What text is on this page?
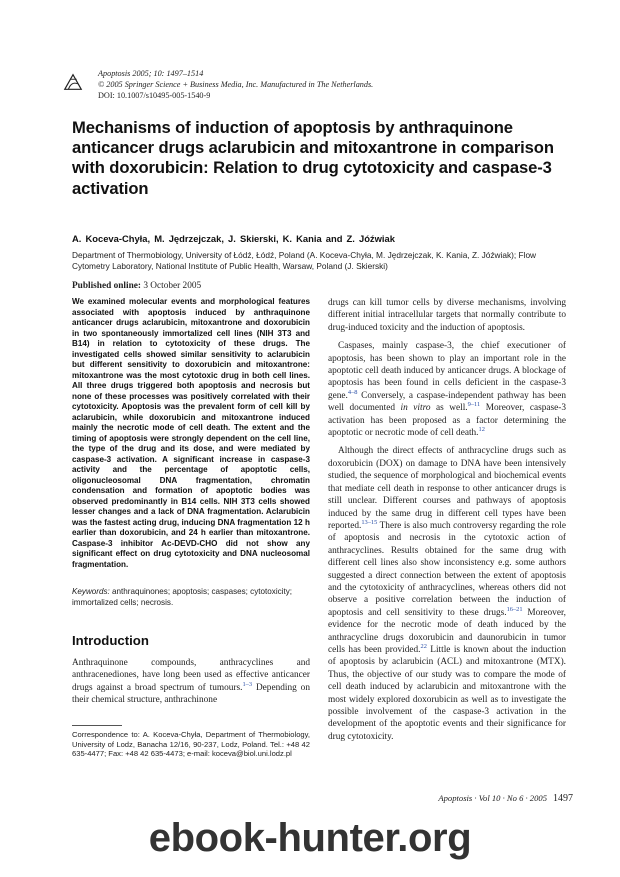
Apoptosis 2005; 10: 1497–1514
© 2005 Springer Science + Business Media, Inc. Manufactured in The Netherlands.
DOI: 10.1007/s10495-005-1540-9
Mechanisms of induction of apoptosis by anthraquinone anticancer drugs aclarubicin and mitoxantrone in comparison with doxorubicin: Relation to drug cytotoxicity and caspase-3 activation
A. Koceva-Chyła, M. Jędrzejczak, J. Skierski, K. Kania and Z. Jóźwiak
Department of Thermobiology, University of Łódź, Łódź, Poland (A. Koceva-Chyła, M. Jędrzejczak, K. Kania, Z. Jóźwiak); Flow Cytometry Laboratory, National Institute of Public Health, Warsaw, Poland (J. Skierski)
Published online: 3 October 2005
We examined molecular events and morphological features associated with apoptosis induced by anthraquinone anticancer drugs aclarubicin, mitoxantrone and doxorubicin in two spontaneously immortalized cell lines (NIH 3T3 and B14) in relation to cytotoxicity of these drugs. The investigated cells showed similar sensitivity to aclarubicin but different sensitivity to doxorubicin and mitoxantrone: mitoxantrone was the most cytotoxic drug in both cell lines. All three drugs triggered both apoptosis and necrosis but none of these processes was positively correlated with their cytotoxicity. Apoptosis was the prevalent form of cell kill by aclarubicin, while doxorubicin and mitoxantrone induced mainly the necrotic mode of cell death. The extent and the timing of apoptosis were strongly dependent on the cell line, the type of the drug and its dose, and were mediated by caspase-3 activation. A significant increase in caspase-3 activity and the percentage of apoptotic cells, oligonucleosomal DNA fragmentation, chromatin condensation and formation of apoptotic bodies was observed predominantly in B14 cells. NIH 3T3 cells showed lesser changes and a lack of DNA fragmentation. Aclarubicin was the fastest acting drug, inducing DNA fragmentation 12 h earlier than doxorubicin, and 24 h earlier than mitoxantrone. Caspase-3 inhibitor Ac-DEVD-CHO did not show any significant effect on drug cytotoxicity and DNA nucleosomal fragmentation.
Keywords: anthraquinones; apoptosis; caspases; cytotoxicity; immortalized cells; necrosis.
Introduction
Anthraquinone compounds, anthracyclines and anthracenediones, have long been used as effective anticancer drugs against a broad spectrum of tumours.$^{1-3}$ Depending on their chemical structure, anthrachinone
Correspondence to: A. Koceva-Chyła, Department of Thermobiology, University of Lodz, Banacha 12/16, 90-237, Lodz, Poland. Tel.: +48 42 635-4477; Fax: +48 42 635-4473; e-mail: koceva@biol.uni.lodz.pl

drugs can kill tumor cells by diverse mechanisms, involving different initial intracellular targets that normally contribute to drug-induced toxicity and the induction of apoptosis.

Caspases, mainly caspase-3, the chief executioner of apoptosis, has been shown to play an important role in the apoptotic cell death induced by anticancer drugs. A blockage of apoptosis has been found in cells deficient in the caspase-3 gene.$^{4-8}$ Conversely, a caspase-independent pathway has been well documented in vitro as well.$^{9-11}$ Moreover, caspase-3 activation has been proposed as a factor determining the apoptotic or necrotic mode of cell death.$^{12}$

Although the direct effects of anthracycline drugs such as doxorubicin (DOX) on damage to DNA have been intensively studied, the sequence of morphological and biochemical events that mediate cell death in response to other anticancer drugs is still unclear. Different courses and pathways of apoptosis induced by the same drug in different cell types have been reported.$^{13-15}$ There is also much controversy regarding the role of apoptosis and necrosis in the cytotoxic action of anthracyclines. Results obtained for the same drug with different cell lines also show inconsistency e.g. some authors suggested a direct connection between the extent of apoptosis and the cytotoxicity of anthracyclines, whereas others did not observe a positive correlation between the induction of apoptosis and cell sensitivity to these drugs.$^{16-21}$ Moreover, evidence for the necrotic mode of death induced by the anthracycline drugs doxorubicin and daunorubicin in tumor cells has been provided.$^{22}$ Little is known about the induction of apoptosis by aclarubicin (ACL) and mitoxantrone (MTX). Thus, the objective of our study was to compare the mode of cell death induced by aclarubicin and mitoxantrone with the most widely explored doxorubicin as well as to investigate the possible involvement of the caspase-3 activation in the development of the apoptotic events and their significance for drug cytotoxicity.

Apoptosis · Vol 10 · No 6 · 2005 1497
ebook-hunter.org
